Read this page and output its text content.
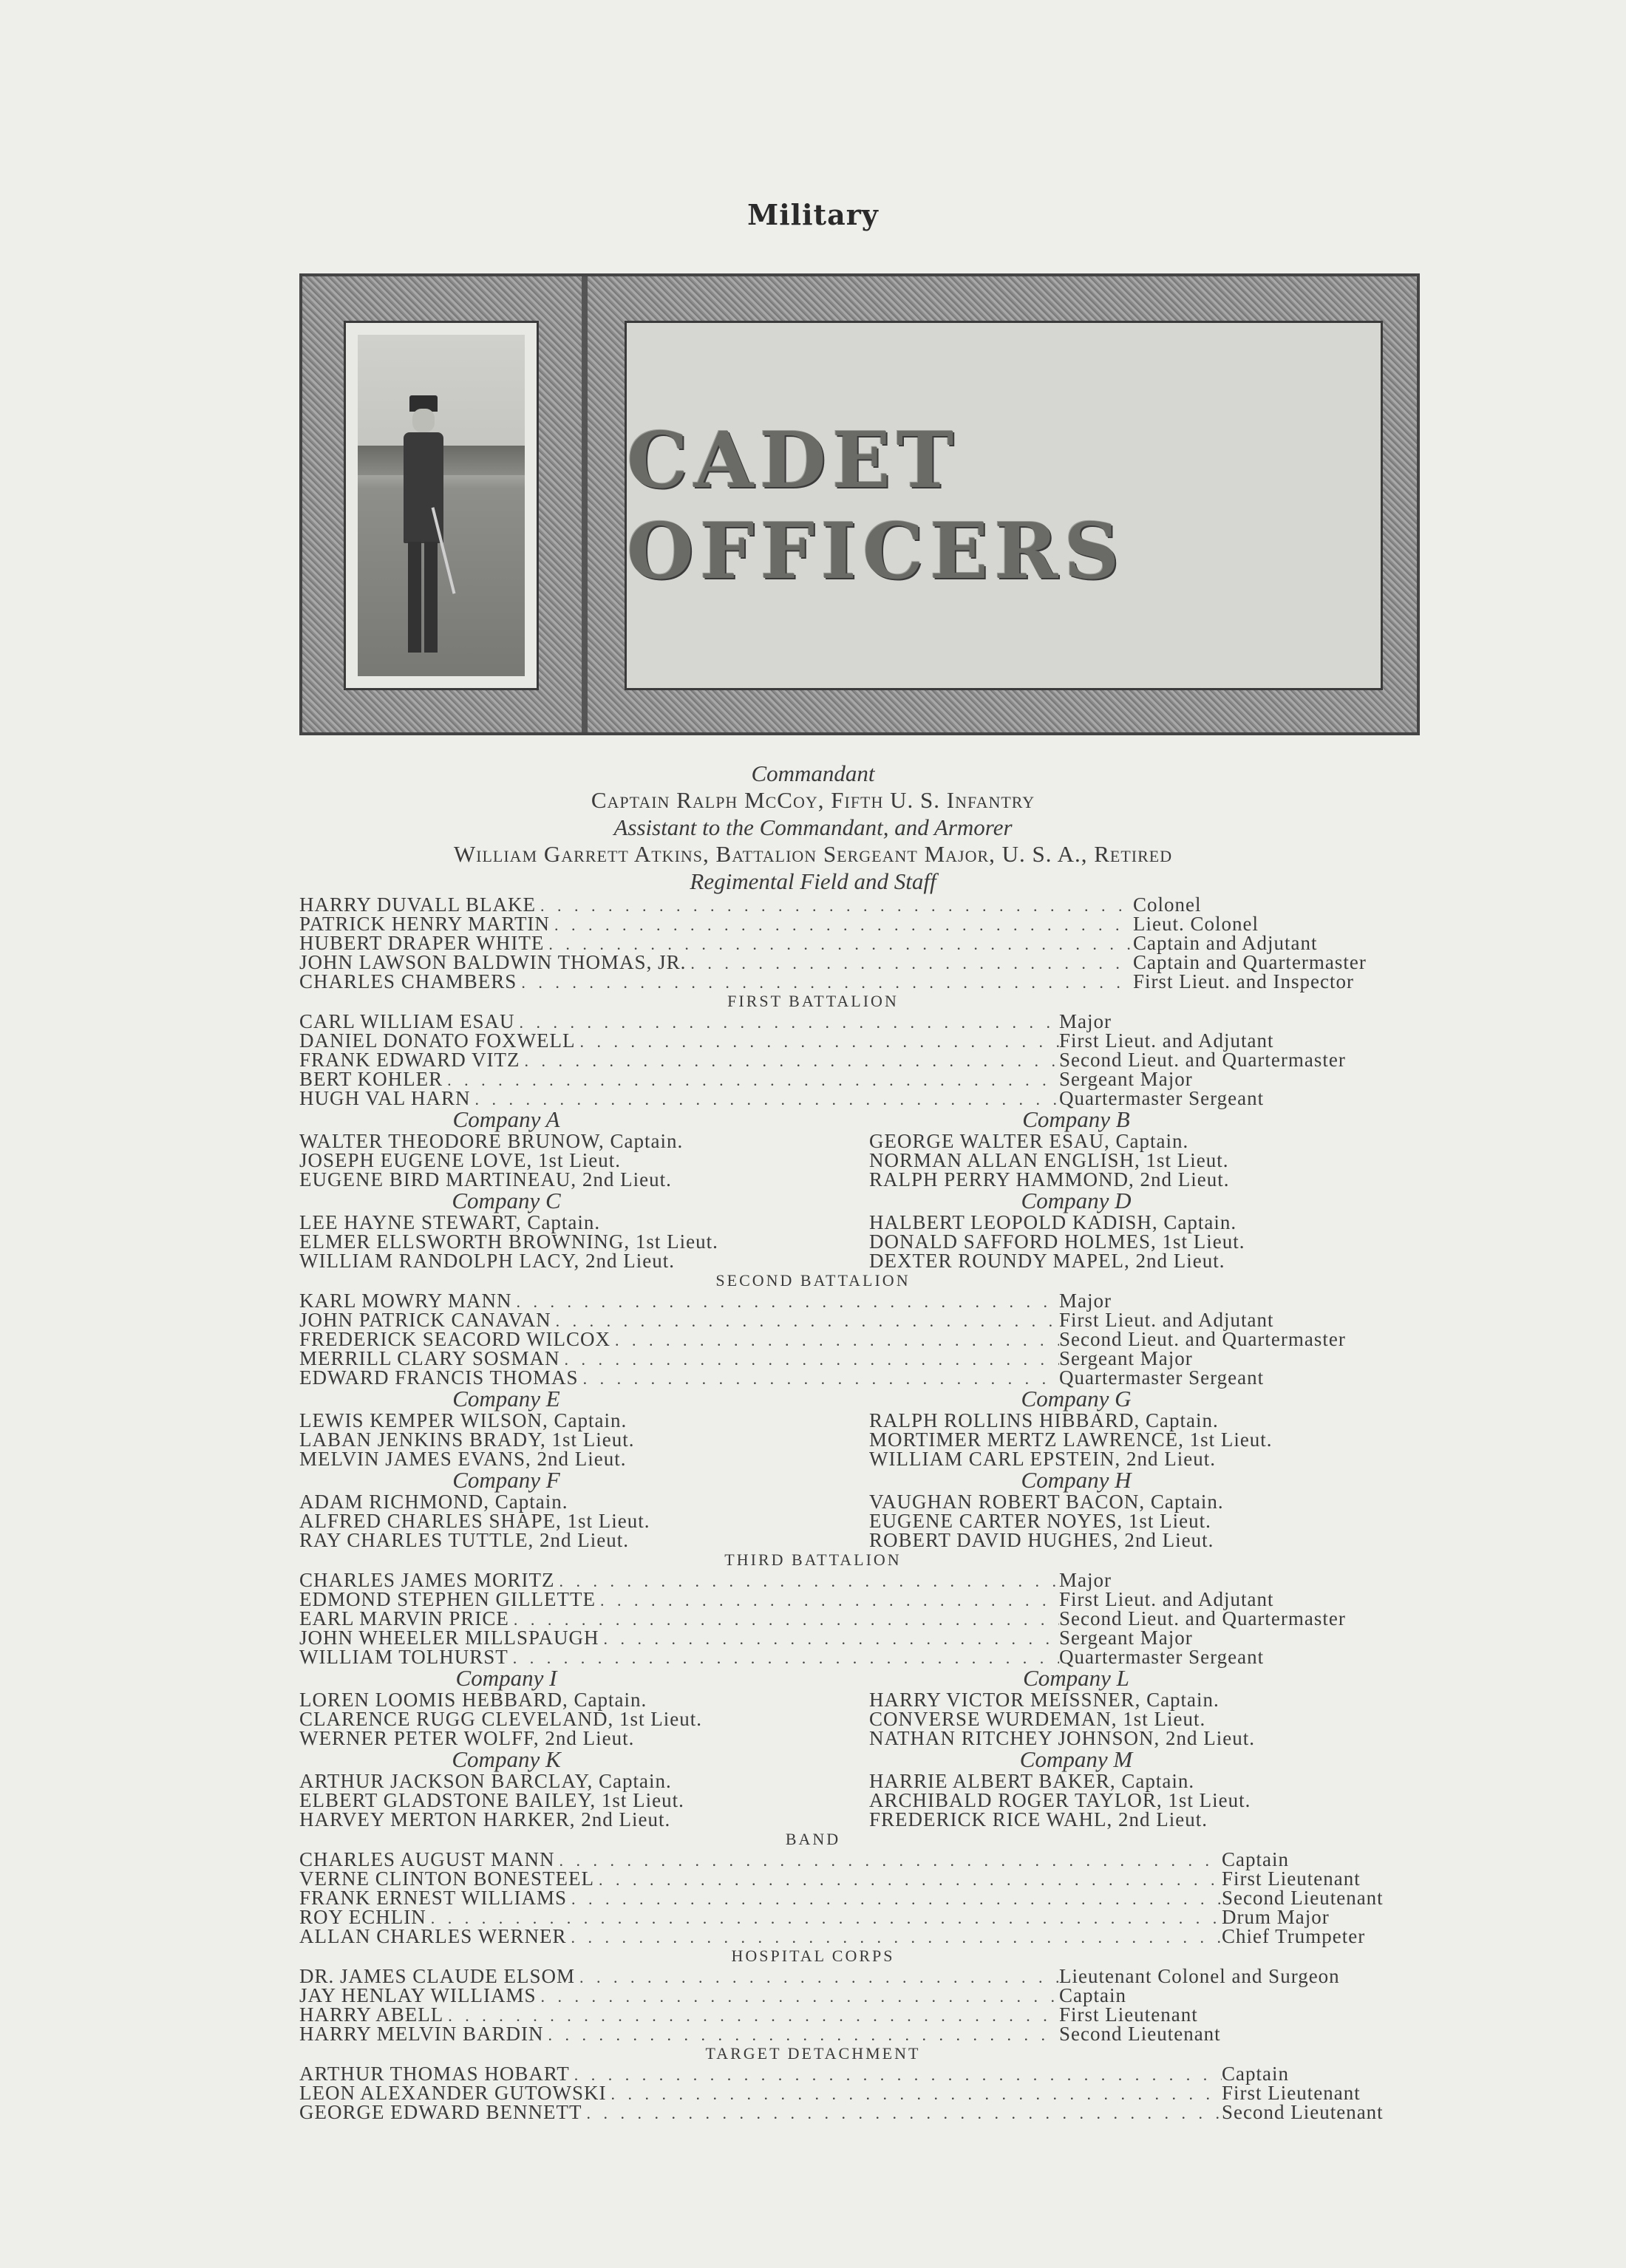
Military
CADET OFFICERS
Commandant
Captain Ralph McCoy, Fifth U. S. Infantry
Assistant to the Commandant, and Armorer
William Garrett Atkins, Battalion Sergeant Major, U. S. A., Retired
Regimental Field and Staff
HARRY DUVALL BLAKE . . .	Colonel
PATRICK HENRY MARTIN . . .	Lieut. Colonel
HUBERT DRAPER WHITE . . .	Captain and Adjutant
JOHN LAWSON BALDWIN THOMAS, JR. . . .	Captain and Quartermaster
CHARLES CHAMBERS . . .	First Lieut. and Inspector
FIRST BATTALION
CARL WILLIAM ESAU . . .	Major
DANIEL DONATO FOXWELL . . .	First Lieut. and Adjutant
FRANK EDWARD VITZ . . .	Second Lieut. and Quartermaster
BERT KOHLER . . .	Sergeant Major
HUGH VAL HARN . . .	Quartermaster Sergeant
Company A
WALTER THEODORE BRUNOW, Captain.
JOSEPH EUGENE LOVE, 1st Lieut.
EUGENE BIRD MARTINEAU, 2nd Lieut.
Company B
GEORGE WALTER ESAU, Captain.
NORMAN ALLAN ENGLISH, 1st Lieut.
RALPH PERRY HAMMOND, 2nd Lieut.
Company C
LEE HAYNE STEWART, Captain.
ELMER ELLSWORTH BROWNING, 1st Lieut.
WILLIAM RANDOLPH LACY, 2nd Lieut.
Company D
HALBERT LEOPOLD KADISH, Captain.
DONALD SAFFORD HOLMES, 1st Lieut.
DEXTER ROUNDY MAPEL, 2nd Lieut.
SECOND BATTALION
KARL MOWRY MANN . . .	Major
JOHN PATRICK CANAVAN . . .	First Lieut. and Adjutant
FREDERICK SEACORD WILCOX . . .	Second Lieut. and Quartermaster
MERRILL CLARY SOSMAN . . .	Sergeant Major
EDWARD FRANCIS THOMAS . . .	Quartermaster Sergeant
Company E
LEWIS KEMPER WILSON, Captain.
LABAN JENKINS BRADY, 1st Lieut.
MELVIN JAMES EVANS, 2nd Lieut.
Company G
RALPH ROLLINS HIBBARD, Captain.
MORTIMER MERTZ LAWRENCE, 1st Lieut.
WILLIAM CARL EPSTEIN, 2nd Lieut.
Company F
ADAM RICHMOND, Captain.
ALFRED CHARLES SHAPE, 1st Lieut.
RAY CHARLES TUTTLE, 2nd Lieut.
Company H
VAUGHAN ROBERT BACON, Captain.
EUGENE CARTER NOYES, 1st Lieut.
ROBERT DAVID HUGHES, 2nd Lieut.
THIRD BATTALION
CHARLES JAMES MORITZ . . .	Major
EDMOND STEPHEN GILLETTE . . .	First Lieut. and Adjutant
EARL MARVIN PRICE . . .	Second Lieut. and Quartermaster
JOHN WHEELER MILLSPAUGH . . .	Sergeant Major
WILLIAM TOLHURST . . .	Quartermaster Sergeant
Company I
LOREN LOOMIS HEBBARD, Captain.
CLARENCE RUGG CLEVELAND, 1st Lieut.
WERNER PETER WOLFF, 2nd Lieut.
Company L
HARRY VICTOR MEISSNER, Captain.
CONVERSE WURDEMAN, 1st Lieut.
NATHAN RITCHEY JOHNSON, 2nd Lieut.
Company K
ARTHUR JACKSON BARCLAY, Captain.
ELBERT GLADSTONE BAILEY, 1st Lieut.
HARVEY MERTON HARKER, 2nd Lieut.
Company M
HARRIE ALBERT BAKER, Captain.
ARCHIBALD ROGER TAYLOR, 1st Lieut.
FREDERICK RICE WAHL, 2nd Lieut.
BAND
CHARLES AUGUST MANN . . .	Captain
VERNE CLINTON BONESTEEL . . .	First Lieutenant
FRANK ERNEST WILLIAMS . . .	Second Lieutenant
ROY ECHLIN . . .	Drum Major
ALLAN CHARLES WERNER . . .	Chief Trumpeter
HOSPITAL CORPS
DR. JAMES CLAUDE ELSOM . . .	Lieutenant Colonel and Surgeon
JAY HENLAY WILLIAMS . . .	Captain
HARRY ABELL . . .	First Lieutenant
HARRY MELVIN BARDIN . . .	Second Lieutenant
TARGET DETACHMENT
ARTHUR THOMAS HOBART . . .	Captain
LEON ALEXANDER GUTOWSKI . . .	First Lieutenant
GEORGE EDWARD BENNETT . . .	Second Lieutenant
